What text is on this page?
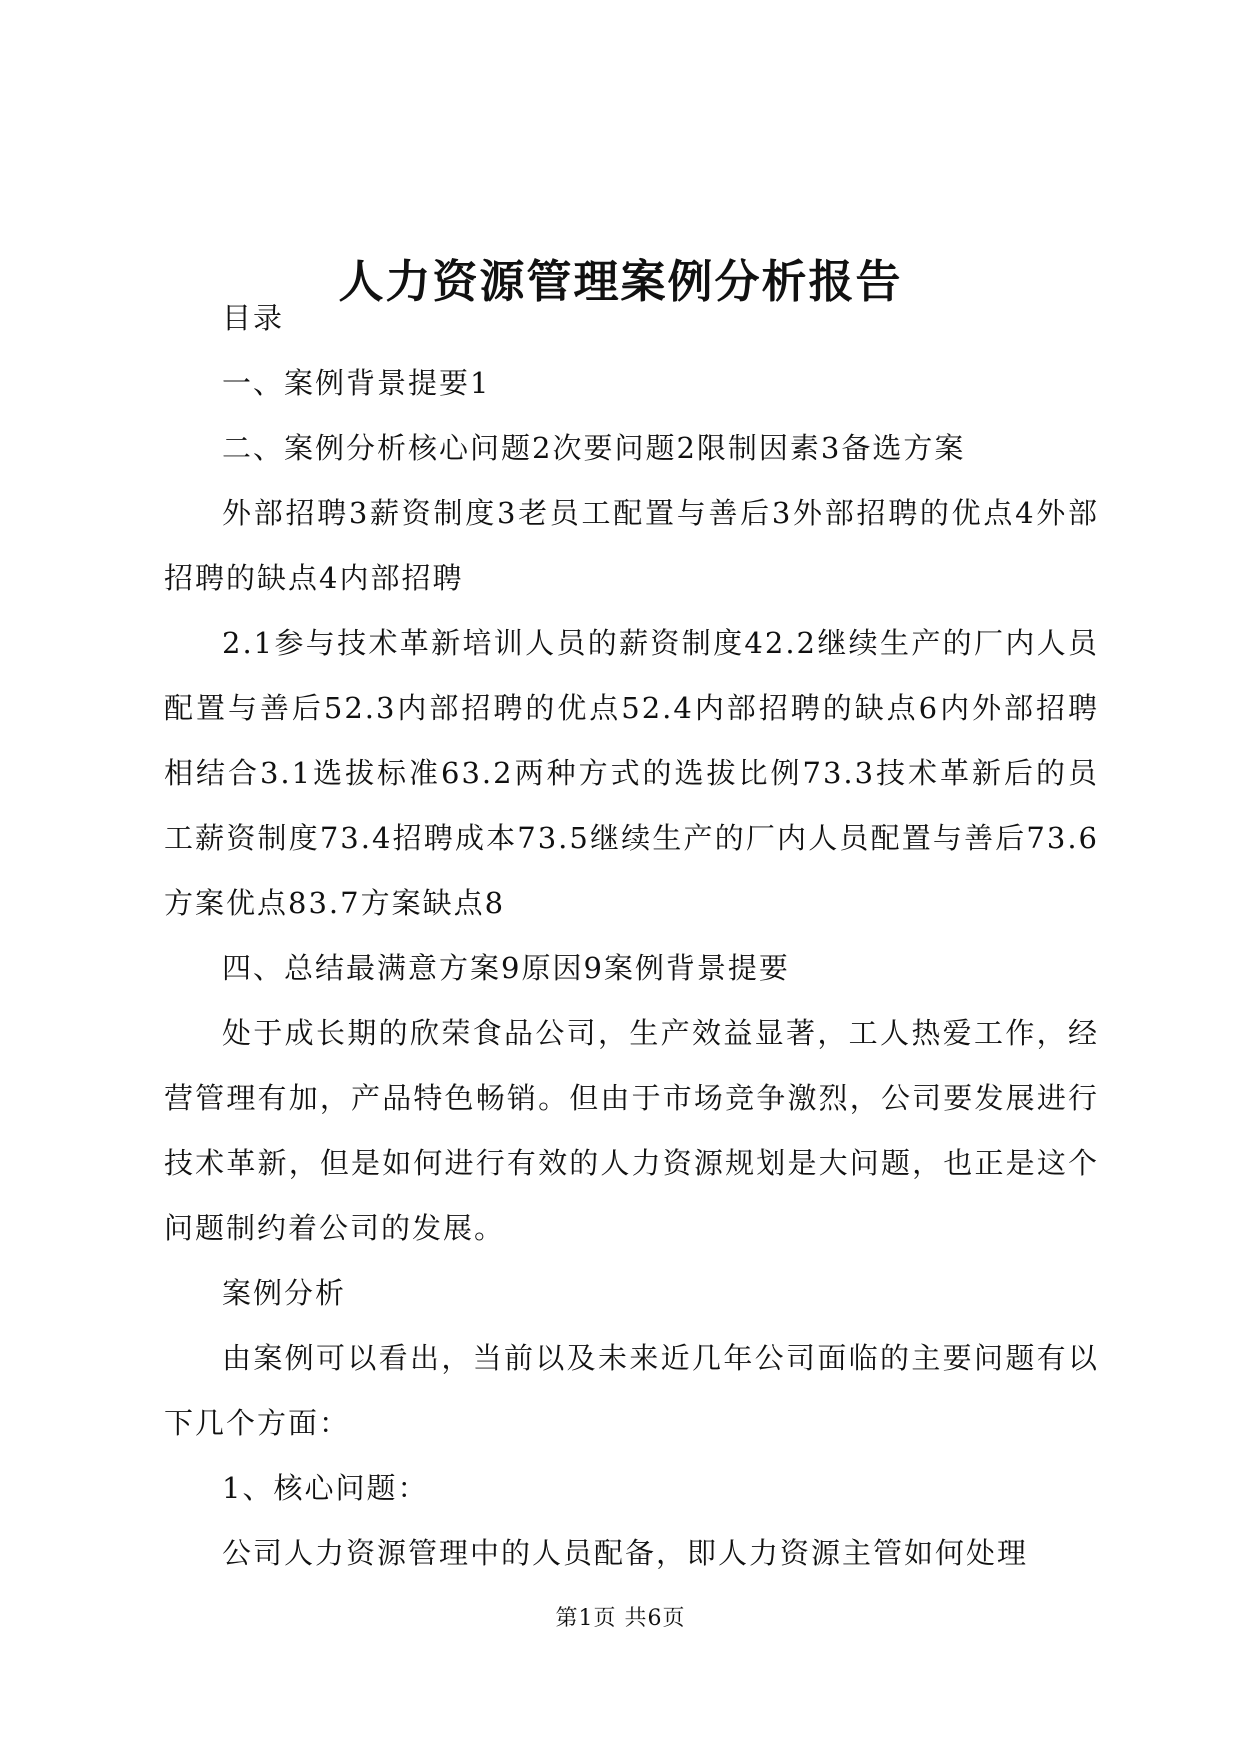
人力资源管理案例分析报告

目录

一、案例背景提要1

二、案例分析核心问题2次要问题2限制因素3备选方案

外部招聘3薪资制度3老员工配置与善后3外部招聘的优点4外部招聘的缺点4内部招聘

2.1参与技术革新培训人员的薪资制度42.2继续生产的厂内人员配置与善后52.3内部招聘的优点52.4内部招聘的缺点6内外部招聘相结合3.1选拔标准63.2两种方式的选拔比例73.3技术革新后的员工薪资制度73.4招聘成本73.5继续生产的厂内人员配置与善后73.6方案优点83.7方案缺点8

四、总结最满意方案9原因9案例背景提要

处于成长期的欣荣食品公司，生产效益显著，工人热爱工作，经营管理有加，产品特色畅销。但由于市场竞争激烈，公司要发展进行技术革新，但是如何进行有效的人力资源规划是大问题，也正是这个问题制约着公司的发展。

案例分析

由案例可以看出，当前以及未来近几年公司面临的主要问题有以下几个方面：

1、核心问题：

公司人力资源管理中的人员配备，即人力资源主管如何处理

第1页 共6页
